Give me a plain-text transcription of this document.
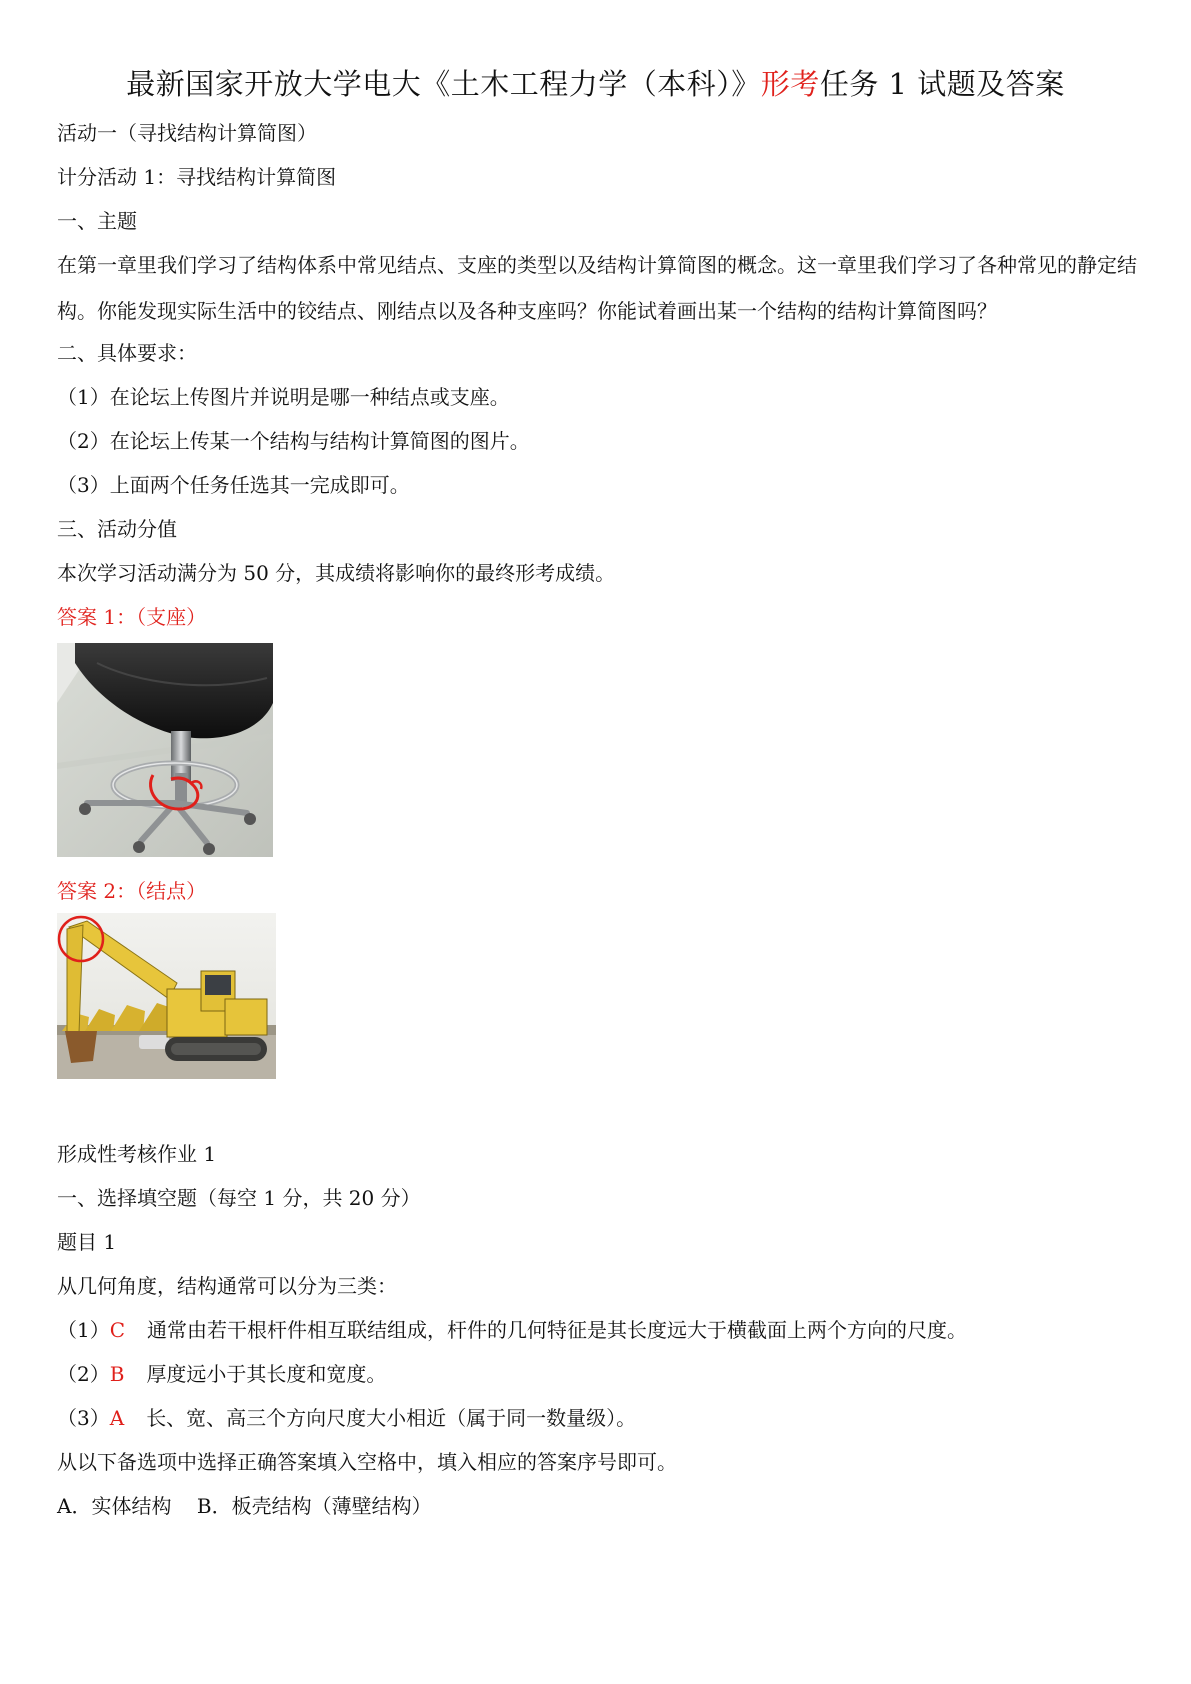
最新国家开放大学电大《土木工程力学（本科）》形考任务 1 试题及答案
活动一（寻找结构计算简图）
计分活动 1：寻找结构计算简图
一、主题
在第一章里我们学习了结构体系中常见结点、支座的类型以及结构计算简图的概念。这一章里我们学习了各种常见的静定结构。你能发现实际生活中的铰结点、刚结点以及各种支座吗？你能试着画出某一个结构的结构计算简图吗？
二、具体要求：
（1）在论坛上传图片并说明是哪一种结点或支座。
（2）在论坛上传某一个结构与结构计算简图的图片。
（3）上面两个任务任选其一完成即可。
三、活动分值
本次学习活动满分为 50 分，其成绩将影响你的最终形考成绩。
答案 1：（支座）
答案 2：（结点）
形成性考核作业 1
一、选择填空题（每空 1 分，共 20 分）
题目 1
从几何角度，结构通常可以分为三类：
（1）C 通常由若干根杆件相互联结组成，杆件的几何特征是其长度远大于横截面上两个方向的尺度。
（2）B 厚度远小于其长度和宽度。
（3）A 长、宽、高三个方向尺度大小相近（属于同一数量级）。
从以下备选项中选择正确答案填入空格中，填入相应的答案序号即可。
A．实体结构    B．板壳结构（薄壁结构）
